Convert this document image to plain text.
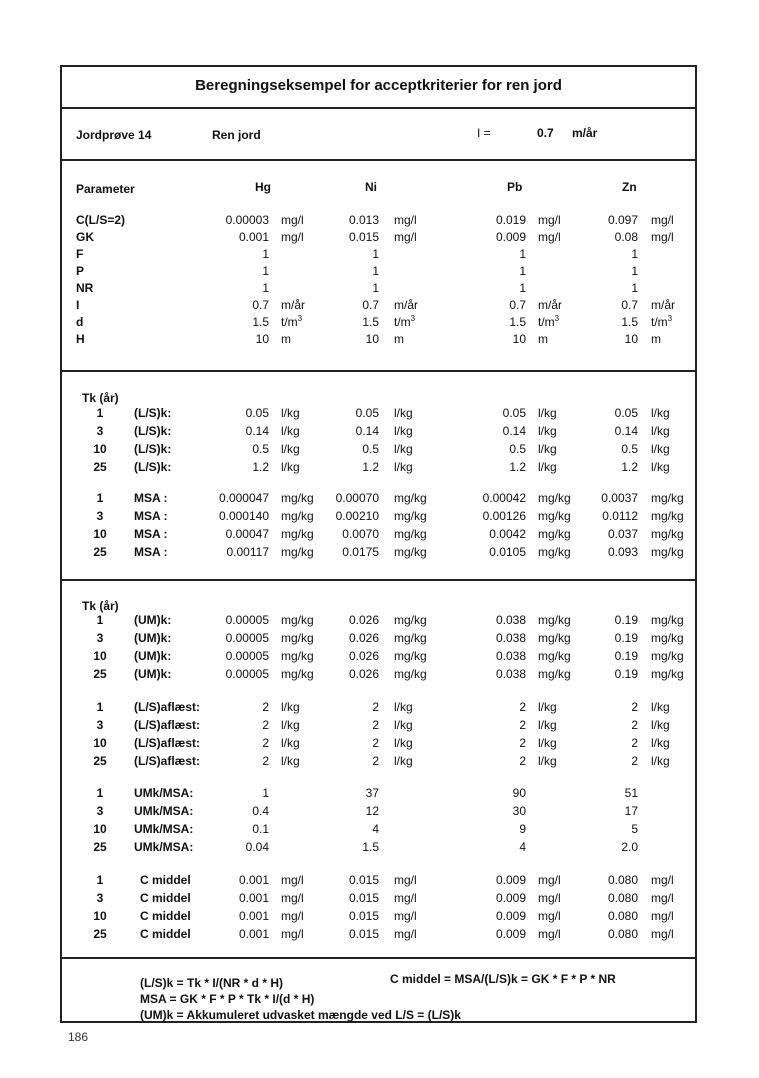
Beregningseksempel for acceptkriterier for ren jord
Jordprøve 14	Ren jord	I =	0.7 m/år
Parameter	Hg	Ni	Pb	Zn
C(L/S=2)	0.00003 mg/l	0.013 mg/l	0.019 mg/l	0.097 mg/l
GK	0.001 mg/l	0.015 mg/l	0.009 mg/l	0.08 mg/l
F	1	1	1	1
P	1	1	1	1
NR	1	1	1	1
I	0.7 m/år	0.7 m/år	0.7 m/år	0.7 m/år
d	1.5 $t/m^3$	1.5 $t/m^3$	1.5 $t/m^3$	1.5 $t/m^3$
H	10 m	10 m	10 m	10 m
Tk (år)
1	(L/S)k:	0.05 l/kg	0.05 l/kg	0.05 l/kg	0.05 l/kg
3	(L/S)k:	0.14 l/kg	0.14 l/kg	0.14 l/kg	0.14 l/kg
10	(L/S)k:	0.5 l/kg	0.5 l/kg	0.5 l/kg	0.5 l/kg
25	(L/S)k:	1.2 l/kg	1.2 l/kg	1.2 l/kg	1.2 l/kg
1	MSA :	0.000047 mg/kg	0.00070 mg/kg	0.00042 mg/kg	0.0037 mg/kg
3	MSA :	0.000140 mg/kg	0.00210 mg/kg	0.00126 mg/kg	0.0112 mg/kg
10	MSA :	0.00047 mg/kg	0.0070 mg/kg	0.0042 mg/kg	0.037 mg/kg
25	MSA :	0.00117 mg/kg	0.0175 mg/kg	0.0105 mg/kg	0.093 mg/kg
Tk (år)
1	(UM)k:	0.00005 mg/kg	0.026 mg/kg	0.038 mg/kg	0.19 mg/kg
3	(UM)k:	0.00005 mg/kg	0.026 mg/kg	0.038 mg/kg	0.19 mg/kg
10	(UM)k:	0.00005 mg/kg	0.026 mg/kg	0.038 mg/kg	0.19 mg/kg
25	(UM)k:	0.00005 mg/kg	0.026 mg/kg	0.038 mg/kg	0.19 mg/kg
1	(L/S)aflæst:	2 l/kg	2 l/kg	2 l/kg	2 l/kg
3	(L/S)aflæst:	2 l/kg	2 l/kg	2 l/kg	2 l/kg
10	(L/S)aflæst:	2 l/kg	2 l/kg	2 l/kg	2 l/kg
25	(L/S)aflæst:	2 l/kg	2 l/kg	2 l/kg	2 l/kg
1	UMk/MSA:	1	37	90	51
3	UMk/MSA:	0.4	12	30	17
10	UMk/MSA:	0.1	4	9	5
25	UMk/MSA:	0.04	1.5	4	2.0
1	C middel	0.001 mg/l	0.015 mg/l	0.009 mg/l	0.080 mg/l
3	C middel	0.001 mg/l	0.015 mg/l	0.009 mg/l	0.080 mg/l
10	C middel	0.001 mg/l	0.015 mg/l	0.009 mg/l	0.080 mg/l
25	C middel	0.001 mg/l	0.015 mg/l	0.009 mg/l	0.080 mg/l
(L/S)k = Tk * I/(NR * d * H)	C middel = MSA/(L/S)k = GK * F * P * NR
MSA = GK * F * P * Tk * I/(d * H)
(UM)k = Akkumuleret udvasket mængde ved L/S = (L/S)k
186
